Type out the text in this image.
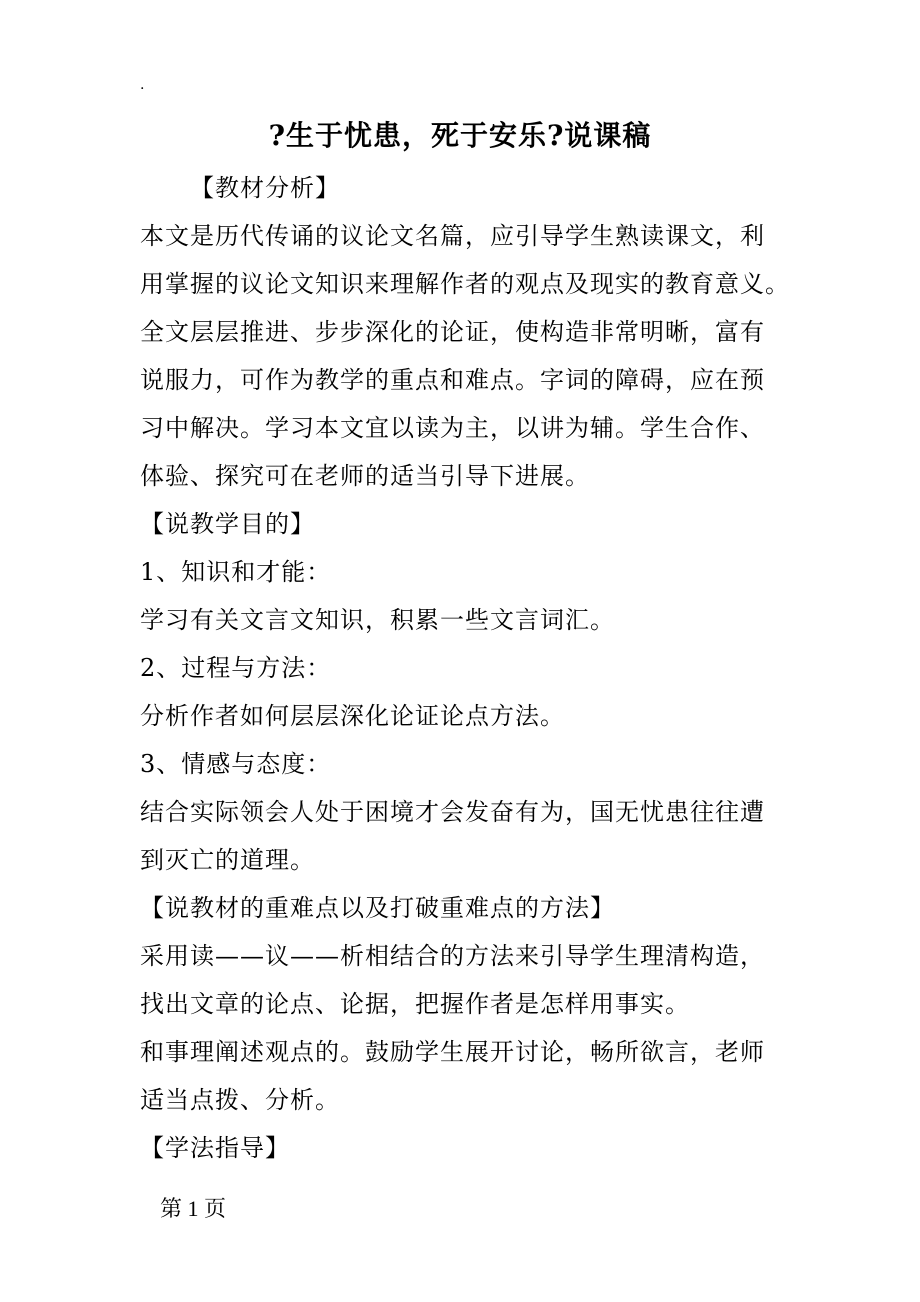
.
?生于忧患，死于安乐?说课稿
【教材分析】
本文是历代传诵的议论文名篇，应引导学生熟读课文，利
用掌握的议论文知识来理解作者的观点及现实的教育意义。
全文层层推进、步步深化的论证，使构造非常明晰，富有
说服力，可作为教学的重点和难点。字词的障碍，应在预
习中解决。学习本文宜以读为主，以讲为辅。学生合作、
体验、探究可在老师的适当引导下进展。
【说教学目的】
1、知识和才能：
学习有关文言文知识，积累一些文言词汇。
2、过程与方法：
分析作者如何层层深化论证论点方法。
3、情感与态度：
结合实际领会人处于困境才会发奋有为，国无忧患往往遭
到灭亡的道理。
【说教材的重难点以及打破重难点的方法】
采用读——议——析相结合的方法来引导学生理清构造，
找出文章的论点、论据，把握作者是怎样用事实。
和事理阐述观点的。鼓励学生展开讨论，畅所欲言，老师
适当点拨、分析。
【学法指导】
第 1 页
